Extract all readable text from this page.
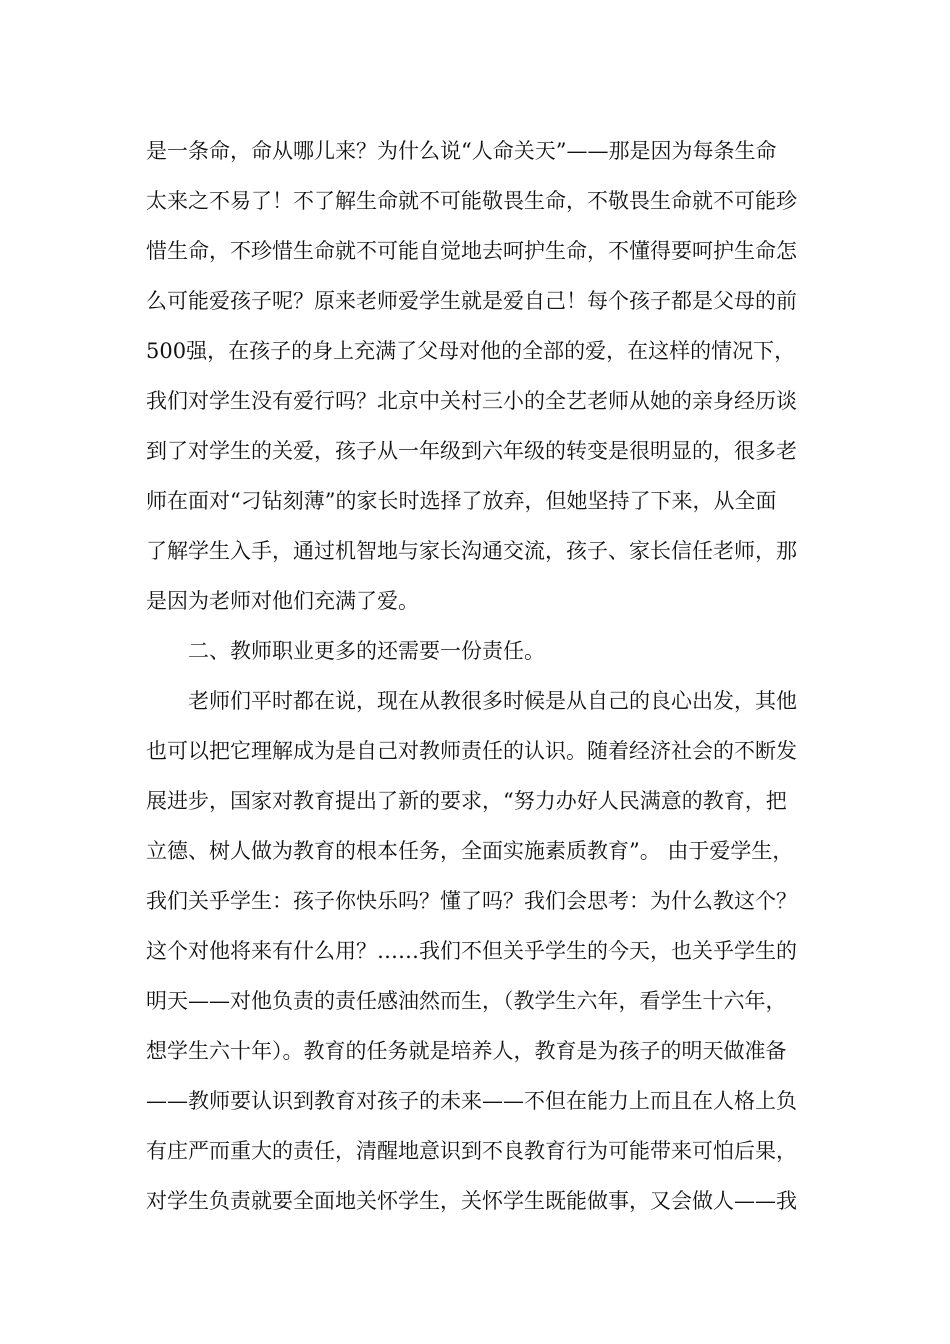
是一条命，命从哪儿来？为什么说“人命关天”——那是因为每条生命
太来之不易了！不了解生命就不可能敬畏生命，不敬畏生命就不可能珍
惜生命，不珍惜生命就不可能自觉地去呵护生命，不懂得要呵护生命怎
么可能爱孩子呢？原来老师爱学生就是爱自己！每个孩子都是父母的前
500强，在孩子的身上充满了父母对他的全部的爱，在这样的情况下，
我们对学生没有爱行吗？北京中关村三小的全艺老师从她的亲身经历谈
到了对学生的关爱，孩子从一年级到六年级的转变是很明显的，很多老
师在面对“刁钻刻薄”的家长时选择了放弃，但她坚持了下来，从全面
了解学生入手，通过机智地与家长沟通交流，孩子、家长信任老师，那
是因为老师对他们充满了爱。
二、教师职业更多的还需要一份责任。
老师们平时都在说，现在从教很多时候是从自己的良心出发，其他
也可以把它理解成为是自己对教师责任的认识。随着经济社会的不断发
展进步，国家对教育提出了新的要求，“努力办好人民满意的教育，把
立德、树人做为教育的根本任务，全面实施素质教育”。 由于爱学生，
我们关乎学生：孩子你快乐吗？懂了吗？我们会思考：为什么教这个？
这个对他将来有什么用？……我们不但关乎学生的今天，也关乎学生的
明天——对他负责的责任感油然而生，（教学生六年，看学生十六年，
想学生六十年）。教育的任务就是培养人，教育是为孩子的明天做准备
——教师要认识到教育对孩子的未来——不但在能力上而且在人格上负
有庄严而重大的责任，清醒地意识到不良教育行为可能带来可怕后果，
对学生负责就要全面地关怀学生，关怀学生既能做事，又会做人——我
